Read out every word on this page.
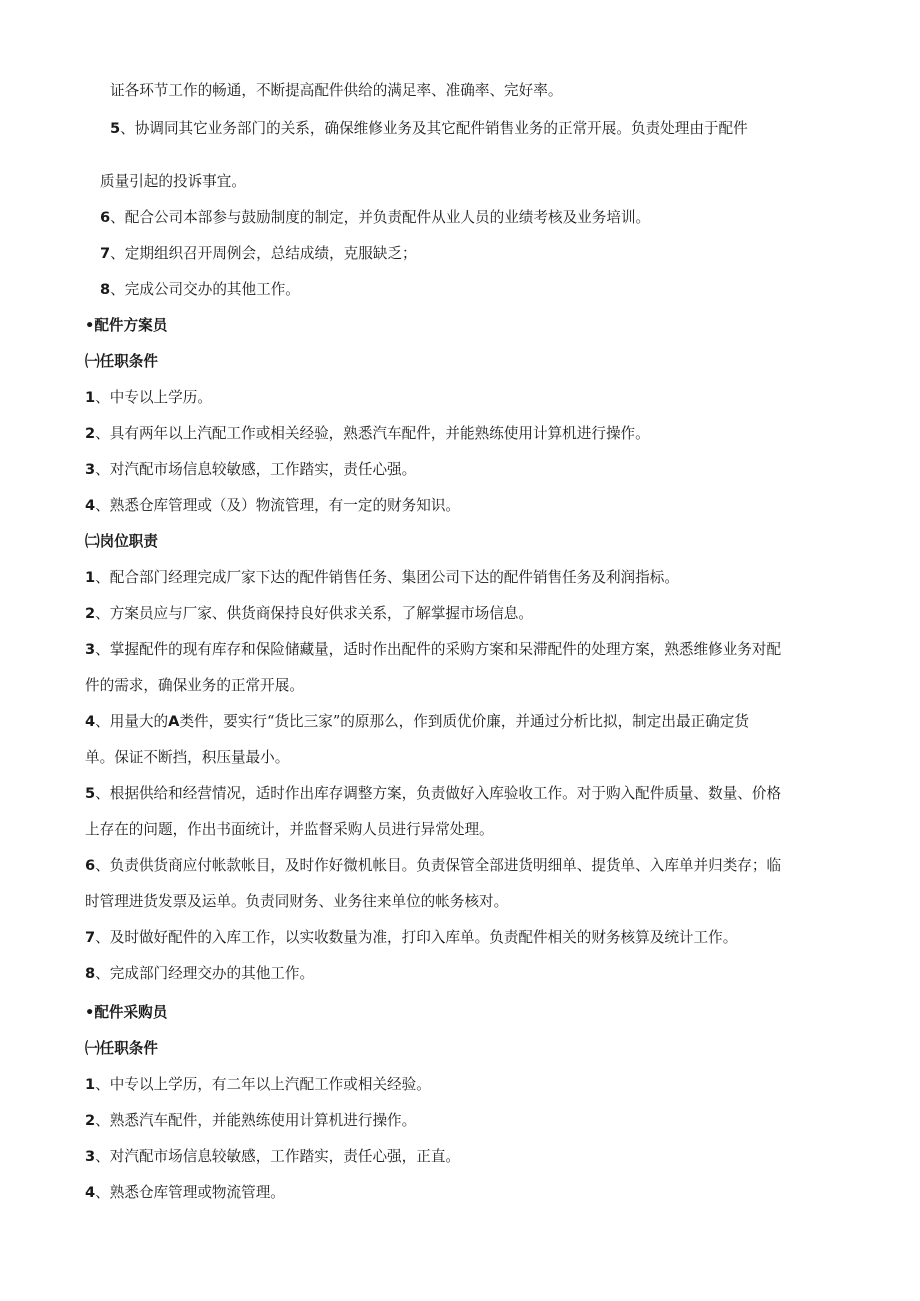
证各环节工作的畅通，不断提高配件供给的满足率、准确率、完好率。
5、协调同其它业务部门的关系，确保维修业务及其它配件销售业务的正常开展。负责处理由于配件
质量引起的投诉事宜。
6、配合公司本部参与鼓励制度的制定，并负责配件从业人员的业绩考核及业务培训。
7、定期组织召开周例会，总结成绩，克服缺乏；
8、完成公司交办的其他工作。
•配件方案员
㈠任职条件
1、中专以上学历。
2、具有两年以上汽配工作或相关经验，熟悉汽车配件，并能熟练使用计算机进行操作。
3、对汽配市场信息较敏感，工作踏实，责任心强。
4、熟悉仓库管理或（及）物流管理，有一定的财务知识。
㈡岗位职责
1、配合部门经理完成厂家下达的配件销售任务、集团公司下达的配件销售任务及利润指标。
2、方案员应与厂家、供货商保持良好供求关系，了解掌握市场信息。
3、掌握配件的现有库存和保险储藏量，适时作出配件的采购方案和呆滞配件的处理方案，熟悉维修业务对配
件的需求，确保业务的正常开展。
4、用量大的A类件，要实行“货比三家”的原那么，作到质优价廉，并通过分析比拟，制定出最正确定货
单。保证不断挡，积压量最小。
5、根据供给和经营情况，适时作出库存调整方案，负责做好入库验收工作。对于购入配件质量、数量、价格
上存在的问题，作出书面统计，并监督采购人员进行异常处理。
6、负责供货商应付帐款帐目，及时作好微机帐目。负责保管全部进货明细单、提货单、入库单并归类存；临
时管理进货发票及运单。负责同财务、业务往来单位的帐务核对。
7、及时做好配件的入库工作，以实收数量为准，打印入库单。负责配件相关的财务核算及统计工作。
8、完成部门经理交办的其他工作。
•配件采购员
㈠任职条件
1、中专以上学历，有二年以上汽配工作或相关经验。
2、熟悉汽车配件，并能熟练使用计算机进行操作。
3、对汽配市场信息较敏感，工作踏实，责任心强，正直。
4、熟悉仓库管理或物流管理。
